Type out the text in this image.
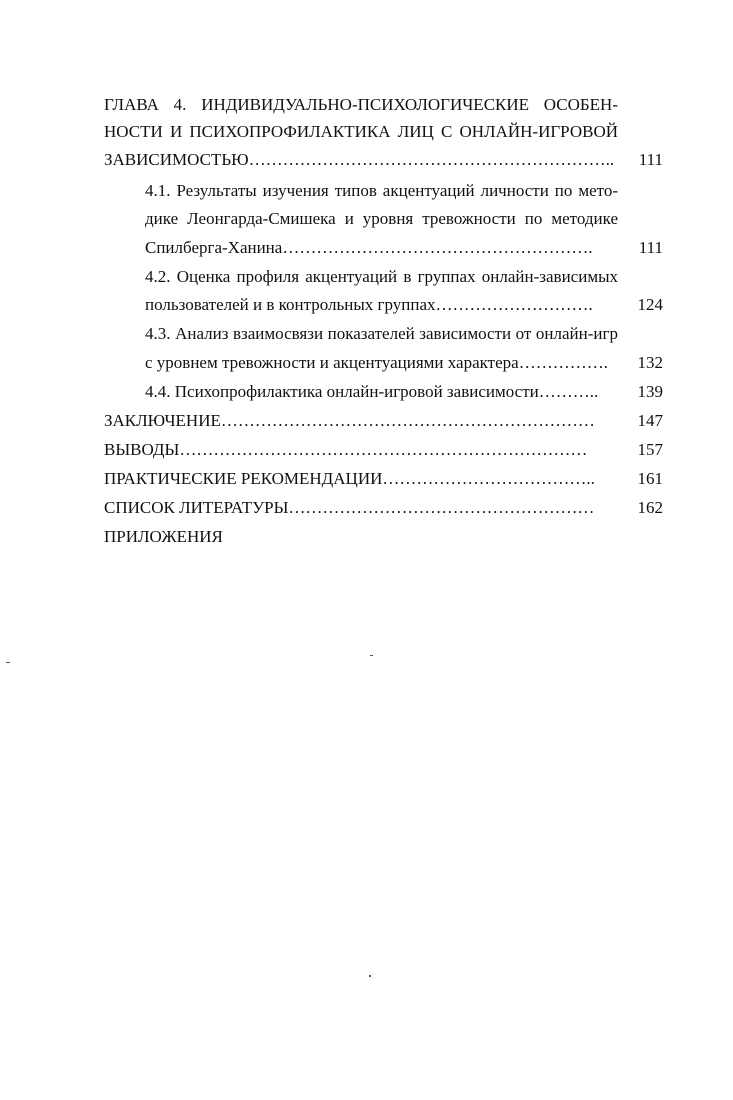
ГЛАВА 4. ИНДИВИДУАЛЬНО-ПСИХОЛОГИЧЕСКИЕ ОСОБЕН-
НОСТИ И ПСИХОПРОФИЛАКТИКА ЛИЦ С ОНЛАЙН-ИГРОВОЙ
ЗАВИСИМОСТЬЮ………………………………………………………..	111
4.1. Результаты изучения типов акцентуаций личности по мето-
дике Леонгарда-Смишека и уровня тревожности по методике
Спилберга-Ханина……………………………………………….	111
4.2. Оценка профиля акцентуаций в группах онлайн-зависимых
пользователей и в контрольных группах……………………….	124
4.3. Анализ взаимосвязи показателей зависимости от онлайн-игр
с уровнем тревожности и акцентуациями характера…………….	132
4.4. Психопрофилактика онлайн-игровой зависимости………..	139
ЗАКЛЮЧЕНИЕ…………………………………………………………	147
ВЫВОДЫ………………………………………………………………	157
ПРАКТИЧЕСКИЕ РЕКОМЕНДАЦИИ………………………………..	161
СПИСОК ЛИТЕРАТУРЫ………………………………………………	162
ПРИЛОЖЕНИЯ
